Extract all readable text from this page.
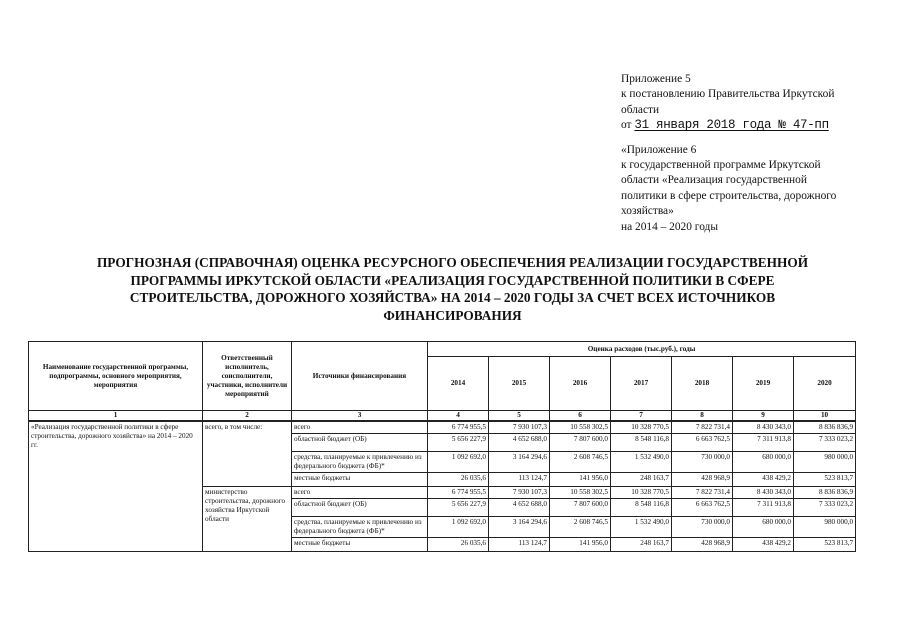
Приложение 5
к постановлению Правительства Иркутской
области
от 31 января 2018 года № 47-пп
«Приложение 6
к государственной программе Иркутской
области «Реализация государственной
политики в сфере строительства, дорожного
хозяйства»
на 2014 – 2020 годы
ПРОГНОЗНАЯ (СПРАВОЧНАЯ) ОЦЕНКА РЕСУРСНОГО ОБЕСПЕЧЕНИЯ РЕАЛИЗАЦИИ ГОСУДАРСТВЕННОЙ
ПРОГРАММЫ ИРКУТСКОЙ ОБЛАСТИ «РЕАЛИЗАЦИЯ ГОСУДАРСТВЕННОЙ ПОЛИТИКИ В СФЕРЕ
СТРОИТЕЛЬСТВА, ДОРОЖНОГО ХОЗЯЙСТВА» НА 2014 – 2020 ГОДЫ ЗА СЧЕТ ВСЕХ ИСТОЧНИКОВ
ФИНАНСИРОВАНИЯ
Наименование государственной программы, подпрограммы, основного мероприятия, мероприятия	Ответственный исполнитель, соисполнители, участники, исполнители мероприятий	Источники финансирования	Оценка расходов (тыс.руб.), годы						
			2014	2015	2016	2017	2018	2019	2020
1	2	3	4	5	6	7	8	9	10
«Реализация государственной политики в сфере строительства, дорожного хозяйства» на 2014 – 2020 гг.	всего, в том числе:	всего	6 774 955,5	7 930 107,3	10 558 302,5	10 328 770,5	7 822 731,4	8 430 343,0	8 836 836,9
		областной бюджет (ОБ)	5 656 227,9	4 652 688,0	7 807 600,0	8 548 116,8	6 663 762,5	7 311 913,8	7 333 023,2
		средства, планируемые к привлечению из федерального бюджета (ФБ)*	1 092 692,0	3 164 294,6	2 608 746,5	1 532 490,0	730 000,0	680 000,0	980 000,0
		местные бюджеты	26 035,6	113 124,7	141 956,0	248 163,7	428 968,9	438 429,2	523 813,7
	министерство строительства, дорожного хозяйства Иркутской области	всего	6 774 955,5	7 930 107,3	10 558 302,5	10 328 770,5	7 822 731,4	8 430 343,0	8 836 836,9
		областной бюджет (ОБ)	5 656 227,9	4 652 688,0	7 807 600,0	8 548 116,8	6 663 762,5	7 311 913,8	7 333 023,2
		средства, планируемые к привлечению из федерального бюджета (ФБ)*	1 092 692,0	3 164 294,6	2 608 746,5	1 532 490,0	730 000,0	680 000,0	980 000,0
		местные бюджеты	26 035,6	113 124,7	141 956,0	248 163,7	428 968,9	438 429,2	523 813,7
